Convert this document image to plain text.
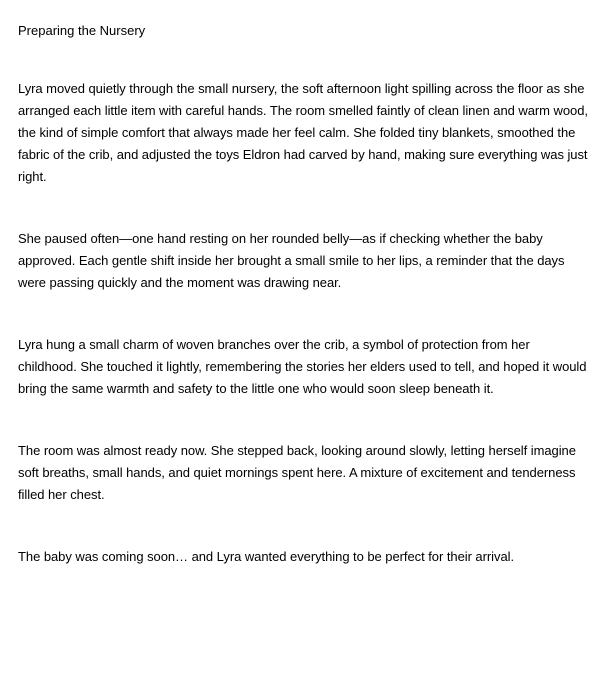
Preparing the Nursery

Lyra moved quietly through the small nursery, the soft afternoon light spilling across the floor as she arranged each little item with careful hands. The room smelled faintly of clean linen and warm wood, the kind of simple comfort that always made her feel calm. She folded tiny blankets, smoothed the fabric of the crib, and adjusted the toys Eldron had carved by hand, making sure everything was just right.

She paused often—one hand resting on her rounded belly—as if checking whether the baby approved. Each gentle shift inside her brought a small smile to her lips, a reminder that the days were passing quickly and the moment was drawing near.

Lyra hung a small charm of woven branches over the crib, a symbol of protection from her childhood. She touched it lightly, remembering the stories her elders used to tell, and hoped it would bring the same warmth and safety to the little one who would soon sleep beneath it.

The room was almost ready now. She stepped back, looking around slowly, letting herself imagine soft breaths, small hands, and quiet mornings spent here. A mixture of excitement and tenderness filled her chest.

The baby was coming soon… and Lyra wanted everything to be perfect for their arrival.
